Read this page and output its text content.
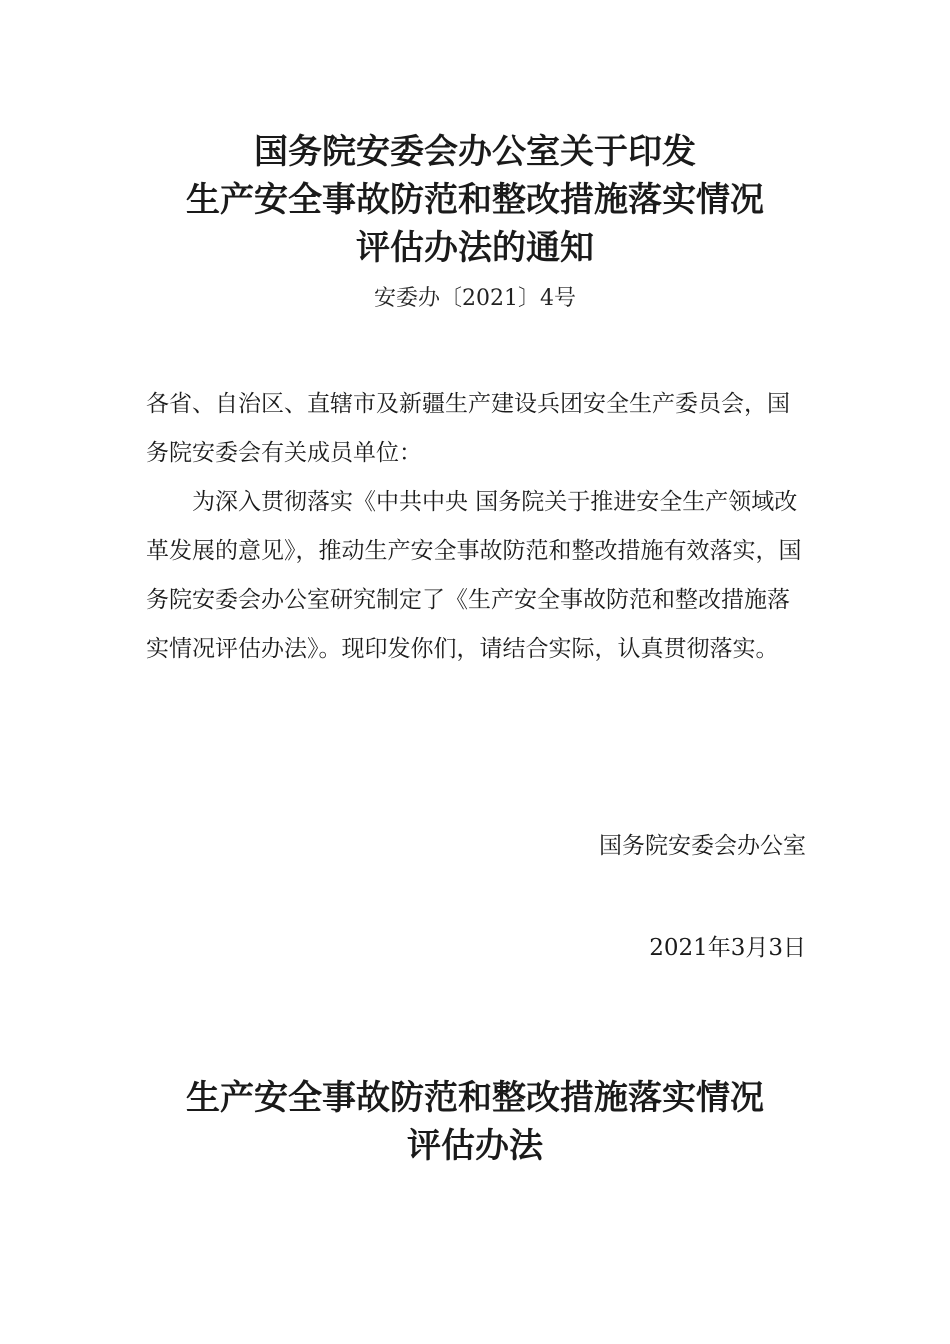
国务院安委会办公室关于印发
生产安全事故防范和整改措施落实情况
评估办法的通知
安委办〔2021〕4号

各省、自治区、直辖市及新疆生产建设兵团安全生产委员会，国务院安委会有关成员单位：

为深入贯彻落实《中共中央 国务院关于推进安全生产领域改革发展的意见》，推动生产安全事故防范和整改措施有效落实，国务院安委会办公室研究制定了《生产安全事故防范和整改措施落实情况评估办法》。现印发你们，请结合实际，认真贯彻落实。

国务院安委会办公室
2021年3月3日
生产安全事故防范和整改措施落实情况
评估办法
